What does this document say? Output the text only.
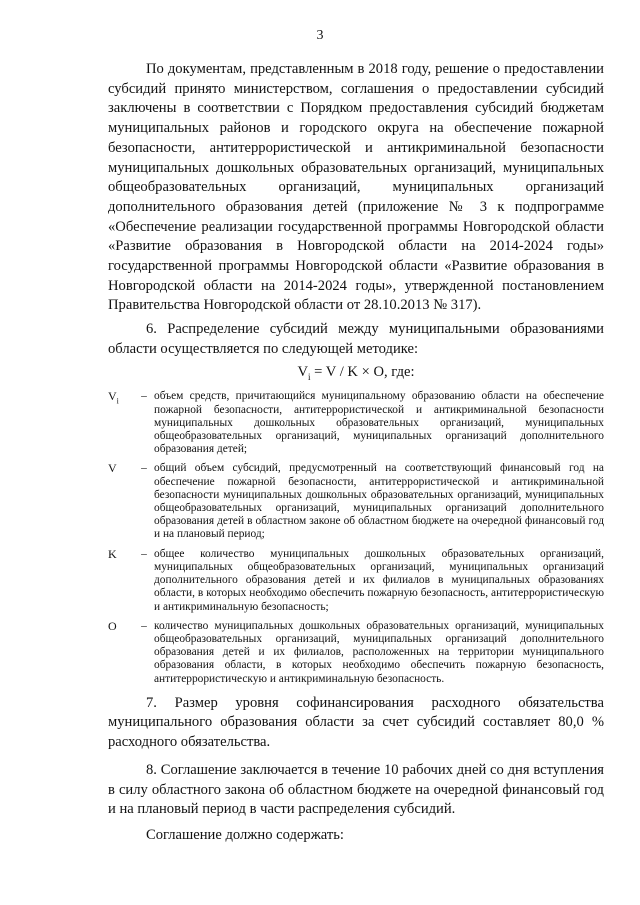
3

По документам, представленным в 2018 году, решение о предоставлении субсидий принято министерством, соглашения о предоставлении субсидий заключены в соответствии с Порядком предоставления субсидий бюджетам муниципальных районов и городского округа на обеспечение пожарной безопасности, антитеррористической и антикриминальной безопасности муниципальных дошкольных образовательных организаций, муниципальных общеобразовательных организаций, муниципальных организаций дополнительного образования детей (приложение № 3 к подпрограмме «Обеспечение реализации государственной программы Новгородской области «Развитие образования в Новгородской области на 2014-2024 годы» государственной программы Новгородской области «Развитие образования в Новгородской области на 2014-2024 годы», утвержденной постановлением Правительства Новгородской области от 28.10.2013 № 317).

6. Распределение субсидий между муниципальными образованиями области осуществляется по следующей методике:

$V_i = V / K \times O$, где:
$V_i$	– объем средств, причитающийся муниципальному образованию области на обеспечение пожарной безопасности, антитеррористической и антикриминальной безопасности муниципальных дошкольных образовательных организаций, муниципальных общеобразовательных организаций, муниципальных организаций дополнительного образования детей;
V	– общий объем субсидий, предусмотренный на соответствующий финансовый год на обеспечение пожарной безопасности, антитеррористической и антикриминальной безопасности муниципальных дошкольных образовательных организаций, муниципальных общеобразовательных организаций, муниципальных организаций дополнительного образования детей в областном законе об областном бюджете на очередной финансовый год и на плановый период;
K	– общее количество муниципальных дошкольных образовательных организаций, муниципальных общеобразовательных организаций, муниципальных организаций дополнительного образования детей и их филиалов в муниципальных образованиях области, в которых необходимо обеспечить пожарную безопасность, антитеррористическую и антикриминальную безопасность;
O	– количество муниципальных дошкольных образовательных организаций, муниципальных общеобразовательных организаций, муниципальных организаций дополнительного образования детей и их филиалов, расположенных на территории муниципального образования области, в которых необходимо обеспечить пожарную безопасность, антитеррористическую и антикриминальную безопасность.

7. Размер уровня софинансирования расходного обязательства муниципального образования области за счет субсидий составляет 80,0 % расходного обязательства.

8. Соглашение заключается в течение 10 рабочих дней со дня вступления в силу областного закона об областном бюджете на очередной финансовый год и на плановый период в части распределения субсидий.

Соглашение должно содержать:
